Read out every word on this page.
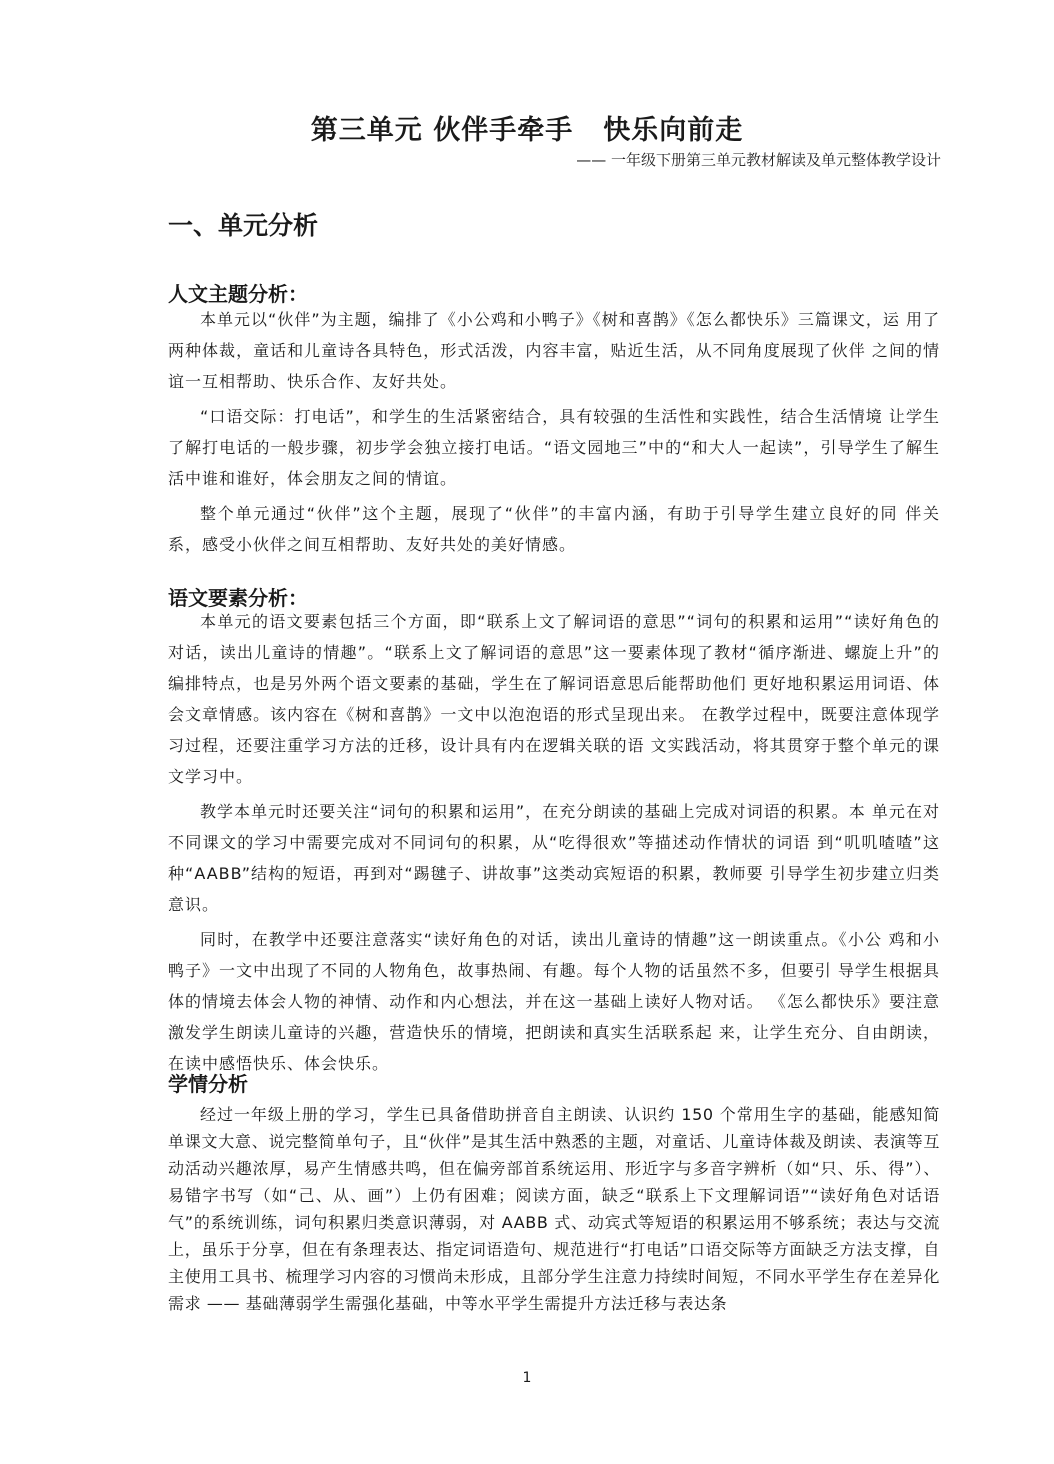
第三单元 伙伴手牵手 快乐向前走

—— 一年级下册第三单元教材解读及单元整体教学设计

一、单元分析
人文主题分析：

本单元以“伙伴”为主题，编排了《小公鸡和小鸭子》《树和喜鹊》《怎么都快乐》三篇课文，运 用了两种体裁，童话和儿童诗各具特色，形式活泼，内容丰富，贴近生活，从不同角度展现了伙伴 之间的情谊一互相帮助、快乐合作、友好共处。

“口语交际：打电话”，和学生的生活紧密结合，具有较强的生活性和实践性，结合生活情境 让学生了解打电话的一般步骤，初步学会独立接打电话。“语文园地三”中的“和大人一起读”，引导学生了解生活中谁和谁好，体会朋友之间的情谊。

整个单元通过“伙伴”这个主题，展现了“伙伴”的丰富内涵，有助于引导学生建立良好的同 伴关系，感受小伙伴之间互相帮助、友好共处的美好情感。

语文要素分析：

本单元的语文要素包括三个方面，即“联系上文了解词语的意思”“词句的积累和运用”“读好角色的对话，读出儿童诗的情趣”。“联系上文了解词语的意思”这一要素体现了教材“循序渐进、螺旋上升”的编排特点，也是另外两个语文要素的基础，学生在了解词语意思后能帮助他们 更好地积累运用词语、体会文章情感。该内容在《树和喜鹊》一文中以泡泡语的形式呈现出来。 在教学过程中，既要注意体现学习过程，还要注重学习方法的迁移，设计具有内在逻辑关联的语 文实践活动，将其贯穿于整个单元的课文学习中。

教学本单元时还要关注“词句的积累和运用”，在充分朗读的基础上完成对词语的积累。本 单元在对不同课文的学习中需要完成对不同词句的积累，从“吃得很欢”等描述动作情状的词语 到“叽叽喳喳”这种“AABB”结构的短语，再到对“踢毽子、讲故事”这类动宾短语的积累，教师要 引导学生初步建立归类意识。

同时，在教学中还要注意落实“读好角色的对话，读出儿童诗的情趣”这一朗读重点。《小公 鸡和小鸭子》一文中出现了不同的人物角色，故事热闹、有趣。每个人物的话虽然不多，但要引 导学生根据具体的情境去体会人物的神情、动作和内心想法，并在这一基础上读好人物对话。 《怎么都快乐》要注意激发学生朗读儿童诗的兴趣，营造快乐的情境，把朗读和真实生活联系起 来，让学生充分、自由朗读，在读中感悟快乐、体会快乐。

学情分析

经过一年级上册的学习，学生已具备借助拼音自主朗读、认识约 150 个常用生字的基础，能感知简单课文大意、说完整简单句子，且“伙伴”是其生活中熟悉的主题，对童话、儿童诗体裁及朗读、表演等互动活动兴趣浓厚，易产生情感共鸣，但在偏旁部首系统运用、形近字与多音字辨析（如“只、乐、得”）、易错字书写（如“己、从、画”）上仍有困难；阅读方面，缺乏“联系上下文理解词语”“读好角色对话语气”的系统训练，词句积累归类意识薄弱，对 AABB 式、动宾式等短语的积累运用不够系统；表达与交流上，虽乐于分享，但在有条理表达、指定词语造句、规范进行“打电话”口语交际等方面缺乏方法支撑，自主使用工具书、梳理学习内容的习惯尚未形成，且部分学生注意力持续时间短，不同水平学生存在差异化需求 —— 基础薄弱学生需强化基础，中等水平学生需提升方法迁移与表达条

1
